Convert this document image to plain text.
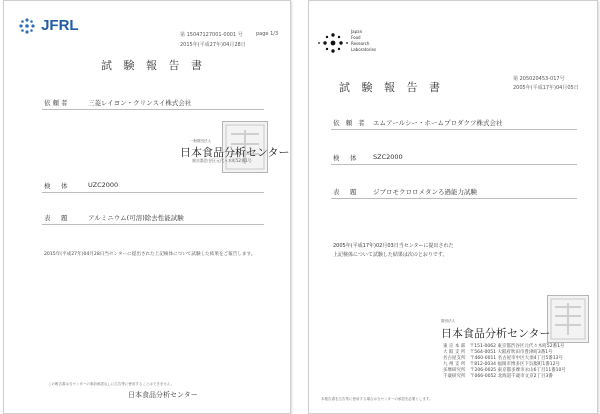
JFRL
第 15047127001-0001 号	page 1/3
2015年(平成27年)04月28日
試 験 報 告 書
依頼者	三菱レイヨン・クリンスイ株式会社
一般財団法人
日本食品分析センター
東京都渋谷区元代々木町52番1号
検　体	UZC2000
表　題	アルミニウム(可溶)除去性能試験
2015年(平成27年)04月28日当センターに提出された上記検体について試験した結果をご報告します。
この報告書は当センターの事前承認なしに広告等に使用することはできません。
日本食品分析センター
Japan
Food
Research
Laboratories
第 205020453-017号
2005年(平成17年)04月05日
試 験 報 告 書
依 頼 者 エムアールシー・ホームプロダクツ株式会社
検　体 SZC2000
表　題 ジブロモクロロメタンろ過能力試験
2005年(平成17年)02月03日当センターに提出された
上記検体について試験した結果は次のとおりです。
財団法人
日本食品分析センター
東 京 本 部　〒151-0062 東京都渋谷区元代々木町52番1号
大 阪 支 所　〒564-0051 大阪府吹田市豊津町3番1号
名古屋支所　〒460-0011 名古屋市中区大須4丁目5番13号
九 州 支 所　〒812-0034 福岡市博多区下呉服町1番12号
多摩研究所　〒206-0025 東京都多摩市永山6丁目11番10号
千歳研究所　〒066-0052 北海道千歳市文京2丁目3番
本報告書を広告等に使用する場合は当センターの承認を必要とします。
